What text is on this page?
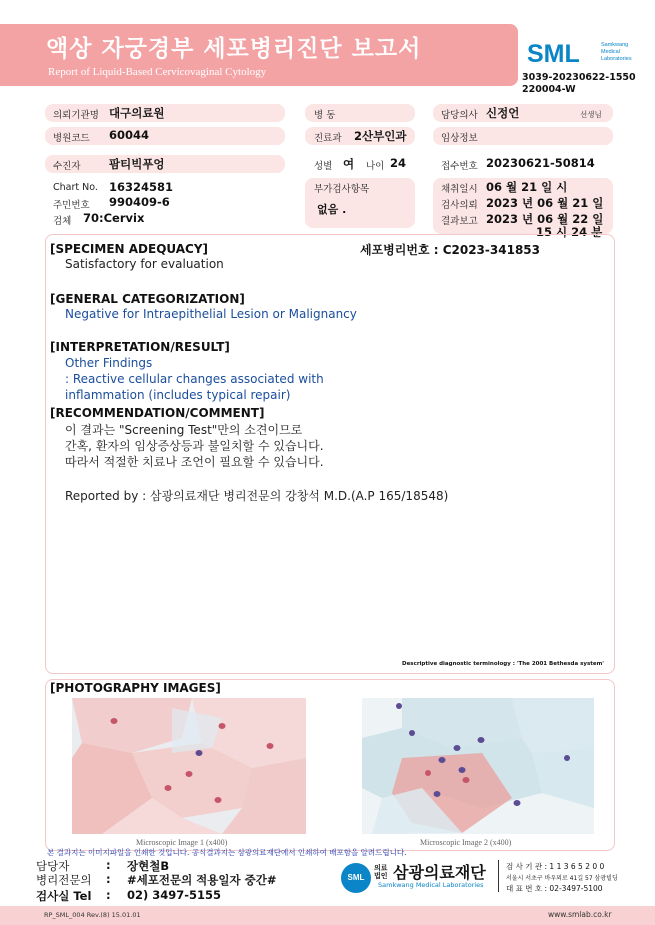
액상 자궁경부 세포병리진단 보고서
Report of Liquid-Based Cervicovaginal Cytology
SML	Samkwang
Medical
Laboratories
3039-20230622-1550
220004-W
의뢰기관명 대구의료원	병 동	담당의사 신정언	선생님
병원코드 60044	진료과 2산부인과	임상정보
수진자 팜티빅푸엉	성별 여 나이 24	접수번호 20230621-50814
Chart No. 16324581
주민번호 990409-6
검체 70:Cervix
부가검사항목
없음 .
채취일시 06 월 21 일 시
검사의뢰 2023 년 06 월 21 일
결과보고 2023 년 06 월 22 일
15 시 24 분
[SPECIMEN ADEQUACY]	세포병리번호 : C2023-341853
Satisfactory for evaluation
[GENERAL CATEGORIZATION]
Negative for Intraepithelial Lesion or Malignancy
[INTERPRETATION/RESULT]
Other Findings
: Reactive cellular changes associated with
inflammation (includes typical repair)
[RECOMMENDATION/COMMENT]
이 결과는 "Screening Test"만의 소견이므로
간혹, 환자의 임상증상등과 불일치할 수 있습니다.
따라서 적절한 치료나 조언이 필요할 수 있습니다.
Reported by : 삼광의료재단 병리전문의 강창석 M.D.(A.P 165/18548)
Descriptive diagnostic terminology : 'The 2001 Bethesda system'
[PHOTOGRAPHY IMAGES]
Microscopic Image 1 (x400)	Microscopic Image 2 (x400)
본 결과지는 이미지파일을 인쇄한 것입니다. 공식결과지는 삼광의료재단에서 인쇄하여 배포함을 알려드립니다.
담당자	: 장현철B
병리전문의 : #세포전문의 적용일자 중간#
검사실 Tel : 02) 3497-5155
SML
의료법인 삼광의료재단
Samkwang Medical Laboratories
검 사 기 관 : 1 1 3 6 5 2 0 0
서울시 서초구 바우뫼로 41길 57 삼광빌딩
대 표 번 호 : 02-3497-5100
RP_SML_004 Rev.(8) 15.01.01	www.smlab.co.kr
